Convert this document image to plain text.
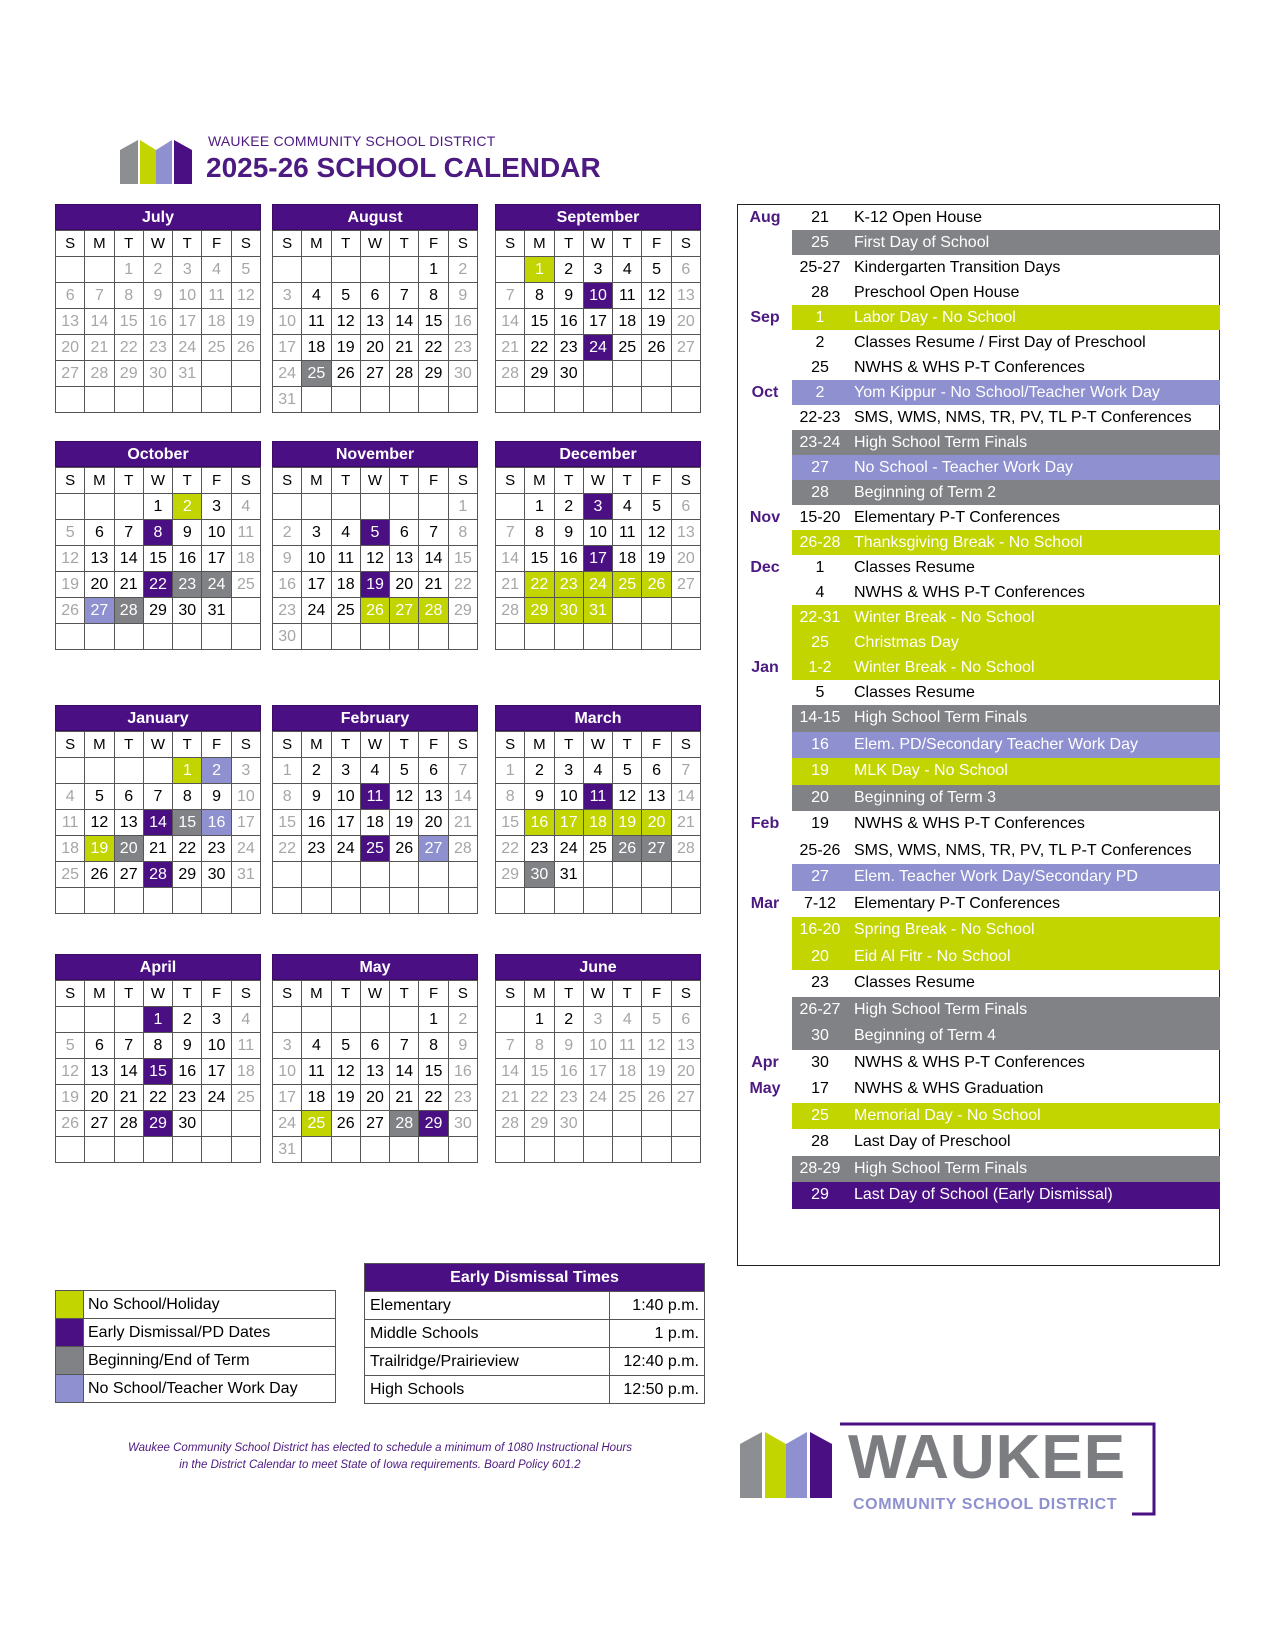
WAUKEE COMMUNITY SCHOOL DISTRICT
2025-26 SCHOOL CALENDAR
July
S	M	T	W	T	F	S
		1	2	3	4	5
6	7	8	9	10	11	12
13	14	15	16	17	18	19
20	21	22	23	24	25	26
27	28	29	30	31		

August
S	M	T	W	T	F	S
					1	2
3	4	5	6	7	8	9
10	11	12	13	14	15	16
17	18	19	20	21	22	23
24	25	26	27	28	29	30
31						
September
S	M	T	W	T	F	S
	1	2	3	4	5	6
7	8	9	10	11	12	13
14	15	16	17	18	19	20
21	22	23	24	25	26	27
28	29	30				

October
S	M	T	W	T	F	S
			1	2	3	4
5	6	7	8	9	10	11
12	13	14	15	16	17	18
19	20	21	22	23	24	25
26	27	28	29	30	31	

November
S	M	T	W	T	F	S
						1
2	3	4	5	6	7	8
9	10	11	12	13	14	15
16	17	18	19	20	21	22
23	24	25	26	27	28	29
30						
December
S	M	T	W	T	F	S
	1	2	3	4	5	6
7	8	9	10	11	12	13
14	15	16	17	18	19	20
21	22	23	24	25	26	27
28	29	30	31			

January
S	M	T	W	T	F	S
				1	2	3
4	5	6	7	8	9	10
11	12	13	14	15	16	17
18	19	20	21	22	23	24
25	26	27	28	29	30	31

February
S	M	T	W	T	F	S
1	2	3	4	5	6	7
8	9	10	11	12	13	14
15	16	17	18	19	20	21
22	23	24	25	26	27	28

March
S	M	T	W	T	F	S
1	2	3	4	5	6	7
8	9	10	11	12	13	14
15	16	17	18	19	20	21
22	23	24	25	26	27	28
29	30	31				

April
S	M	T	W	T	F	S
			1	2	3	4
5	6	7	8	9	10	11
12	13	14	15	16	17	18
19	20	21	22	23	24	25
26	27	28	29	30		

May
S	M	T	W	T	F	S
					1	2
3	4	5	6	7	8	9
10	11	12	13	14	15	16
17	18	19	20	21	22	23
24	25	26	27	28	29	30
31						
June
S	M	T	W	T	F	S
	1	2	3	4	5	6
7	8	9	10	11	12	13
14	15	16	17	18	19	20
21	22	23	24	25	26	27
28	29	30				

Aug	21	K-12 Open House
25	First Day of School
25-27 Kindergarten Transition Days
28	Preschool Open House
Sep	1	Labor Day - No School
2	Classes Resume / First Day of Preschool
25	NWHS & WHS P-T Conferences
Oct	2	Yom Kippur - No School/Teacher Work Day
22-23 SMS, WMS, NMS, TR, PV, TL P-T Conferences
23-24 High School Term Finals
27	No School - Teacher Work Day
28	Beginning of Term 2
Nov	15-20 Elementary P-T Conferences
26-28 Thanksgiving Break - No School
Dec	1	Classes Resume
4	NWHS & WHS P-T Conferences
22-31 Winter Break - No School
25	Christmas Day
Jan	1-2	Winter Break - No School
5	Classes Resume
14-15 High School Term Finals
16	Elem. PD/Secondary Teacher Work Day
19	MLK Day - No School
20	Beginning of Term 3
Feb	19	NWHS & WHS P-T Conferences
25-26 SMS, WMS, NMS, TR, PV, TL P-T Conferences
27	Elem. Teacher Work Day/Secondary PD
Mar	7-12	Elementary P-T Conferences
16-20 Spring Break - No School
20	Eid Al Fitr - No School
23	Classes Resume
26-27 High School Term Finals
30	Beginning of Term 4
Apr	30	NWHS & WHS P-T Conferences
May	17	NWHS & WHS Graduation
25	Memorial Day - No School
28	Last Day of Preschool
28-29 High School Term Finals
29	Last Day of School (Early Dismissal)
	No School/Holiday
	Early Dismissal/PD Dates
	Beginning/End of Term
	No School/Teacher Work Day
Early Dismissal Times	
Elementary	1:40 p.m.
Middle Schools	1 p.m.
Trailridge/Prairieview	12:40 p.m.
High Schools	12:50 p.m.
Waukee Community School District has elected to schedule a minimum of 1080 Instructional Hours
in the District Calendar to meet State of Iowa requirements. Board Policy 601.2	WAUKEE
COMMUNITY SCHOOL DISTRICT
